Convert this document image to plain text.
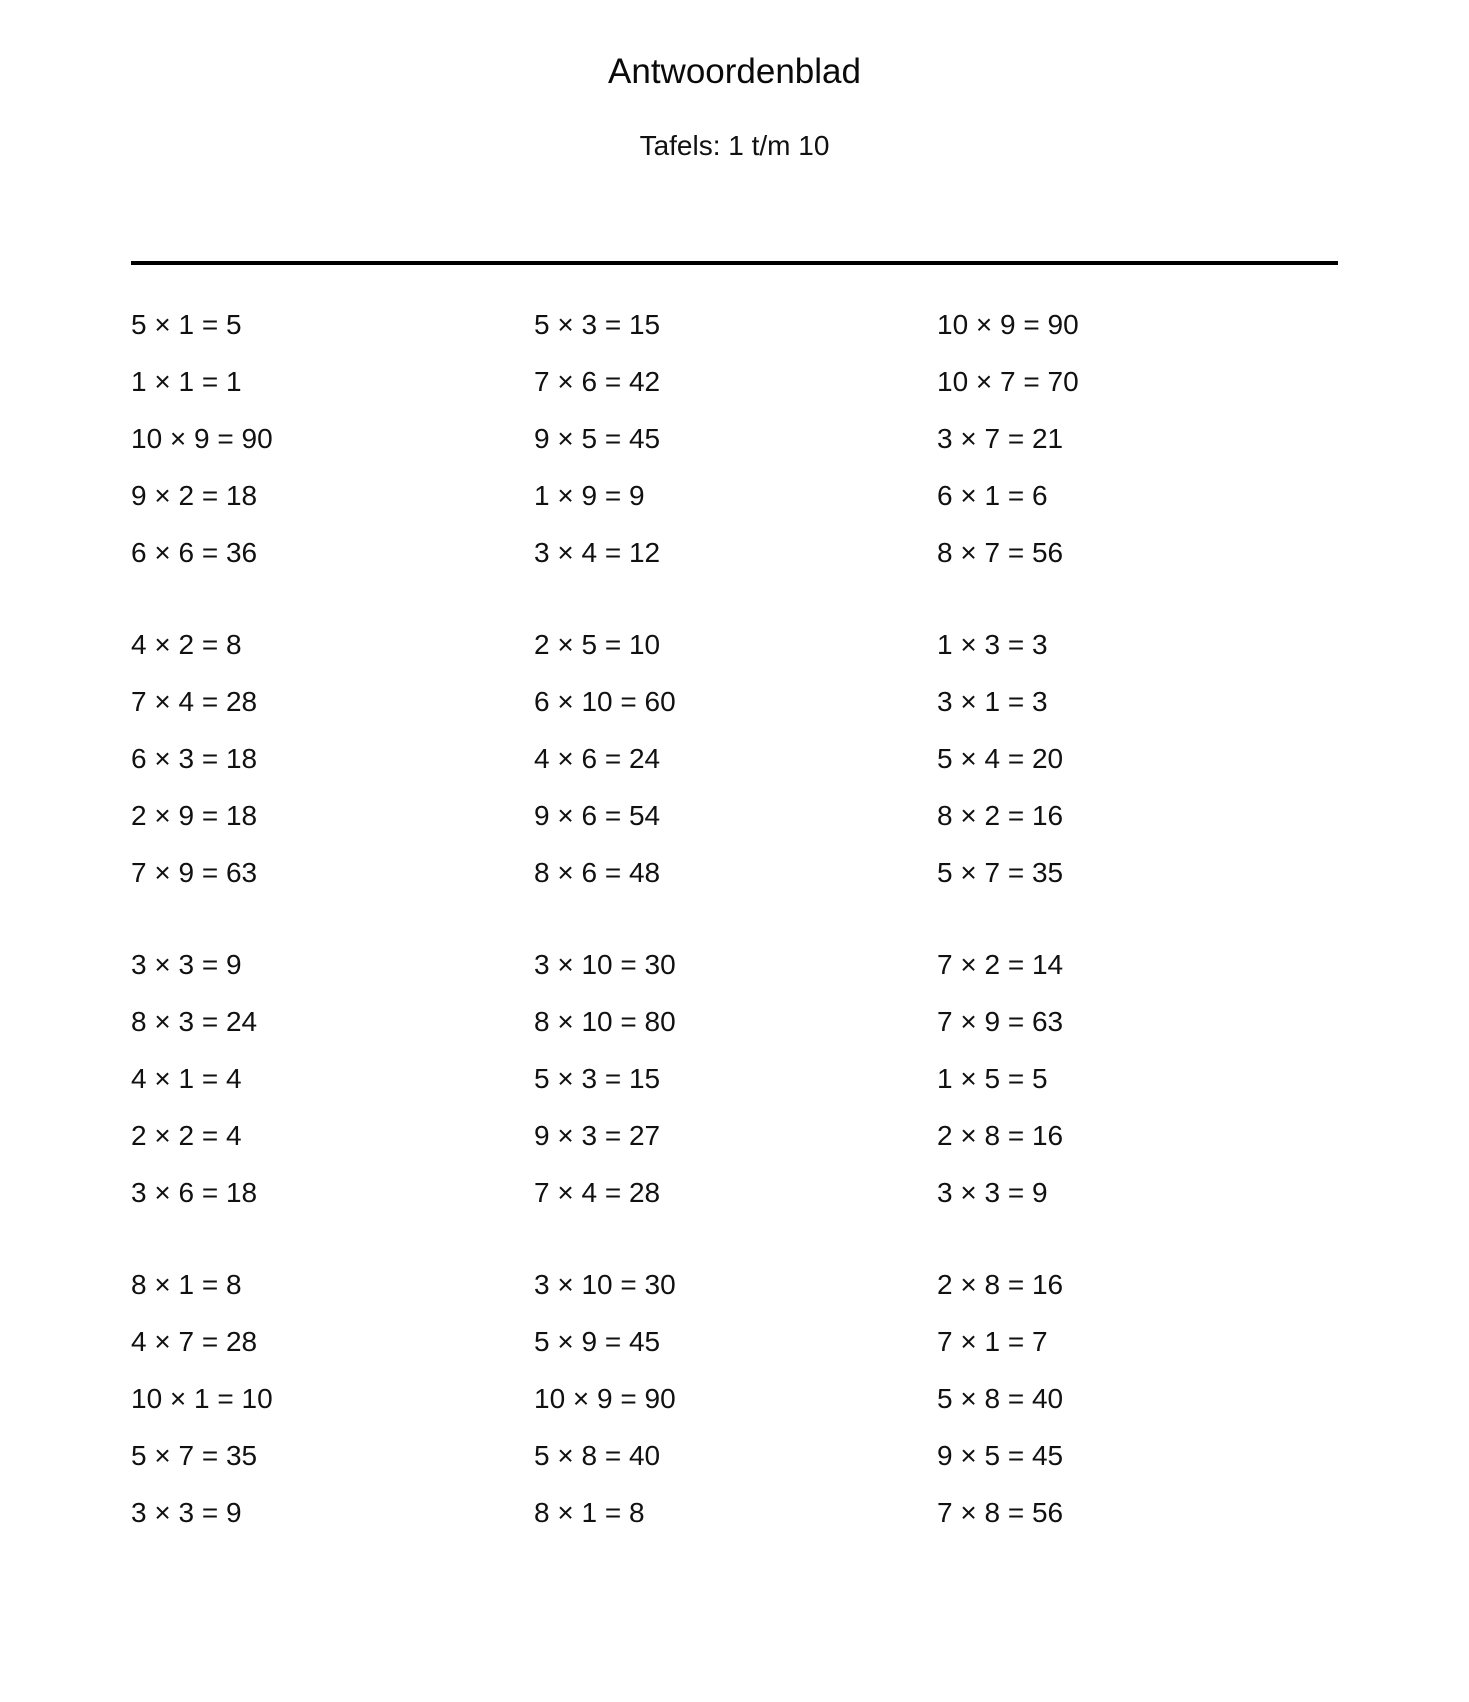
Antwoordenblad
Tafels: 1 t/m 10
5 × 1 = 5
1 × 1 = 1
10 × 9 = 90
9 × 2 = 18
6 × 6 = 36
4 × 2 = 8
7 × 4 = 28
6 × 3 = 18
2 × 9 = 18
7 × 9 = 63
3 × 3 = 9
8 × 3 = 24
4 × 1 = 4
2 × 2 = 4
3 × 6 = 18
8 × 1 = 8
4 × 7 = 28
10 × 1 = 10
5 × 7 = 35
3 × 3 = 9
5 × 3 = 15
7 × 6 = 42
9 × 5 = 45
1 × 9 = 9
3 × 4 = 12
2 × 5 = 10
6 × 10 = 60
4 × 6 = 24
9 × 6 = 54
8 × 6 = 48
3 × 10 = 30
8 × 10 = 80
5 × 3 = 15
9 × 3 = 27
7 × 4 = 28
3 × 10 = 30
5 × 9 = 45
10 × 9 = 90
5 × 8 = 40
8 × 1 = 8
10 × 9 = 90
10 × 7 = 70
3 × 7 = 21
6 × 1 = 6
8 × 7 = 56
1 × 3 = 3
3 × 1 = 3
5 × 4 = 20
8 × 2 = 16
5 × 7 = 35
7 × 2 = 14
7 × 9 = 63
1 × 5 = 5
2 × 8 = 16
3 × 3 = 9
2 × 8 = 16
7 × 1 = 7
5 × 8 = 40
9 × 5 = 45
7 × 8 = 56
